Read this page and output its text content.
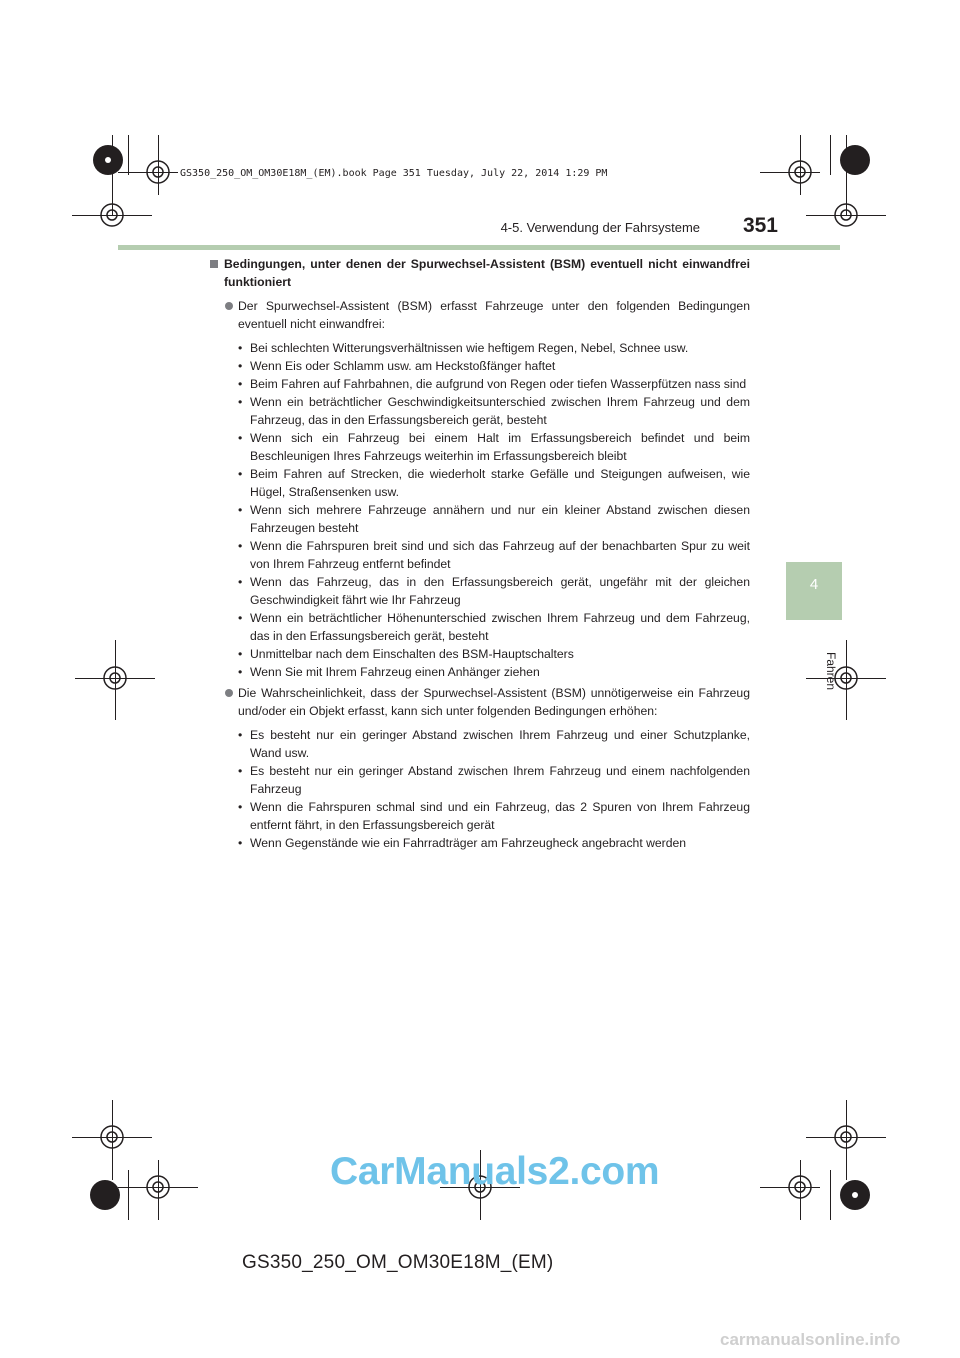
GS350_250_OM_OM30E18M_(EM).book Page 351 Tuesday, July 22, 2014 1:29 PM
4-5. Verwendung der Fahrsysteme	351
4
Fahren
Bedingungen, unter denen der Spurwechsel-Assistent (BSM) eventuell nicht einwandfrei funktioniert
Der Spurwechsel-Assistent (BSM) erfasst Fahrzeuge unter den folgenden Bedingungen eventuell nicht einwandfrei:
• Bei schlechten Witterungsverhältnissen wie heftigem Regen, Nebel, Schnee usw.
• Wenn Eis oder Schlamm usw. am Heckstoßfänger haftet
• Beim Fahren auf Fahrbahnen, die aufgrund von Regen oder tiefen Wasserpfützen nass sind
• Wenn ein beträchtlicher Geschwindigkeitsunterschied zwischen Ihrem Fahrzeug und dem Fahrzeug, das in den Erfassungsbereich gerät, besteht
• Wenn sich ein Fahrzeug bei einem Halt im Erfassungsbereich befindet und beim Beschleunigen Ihres Fahrzeugs weiterhin im Erfassungsbereich bleibt
• Beim Fahren auf Strecken, die wiederholt starke Gefälle und Steigungen aufweisen, wie Hügel, Straßensenken usw.
• Wenn sich mehrere Fahrzeuge annähern und nur ein kleiner Abstand zwischen diesen Fahrzeugen besteht
• Wenn die Fahrspuren breit sind und sich das Fahrzeug auf der benachbarten Spur zu weit von Ihrem Fahrzeug entfernt befindet
• Wenn das Fahrzeug, das in den Erfassungsbereich gerät, ungefähr mit der gleichen Geschwindigkeit fährt wie Ihr Fahrzeug
• Wenn ein beträchtlicher Höhenunterschied zwischen Ihrem Fahrzeug und dem Fahrzeug, das in den Erfassungsbereich gerät, besteht
• Unmittelbar nach dem Einschalten des BSM-Hauptschalters
• Wenn Sie mit Ihrem Fahrzeug einen Anhänger ziehen
Die Wahrscheinlichkeit, dass der Spurwechsel-Assistent (BSM) unnötigerweise ein Fahrzeug und/oder ein Objekt erfasst, kann sich unter folgenden Bedingungen erhöhen:
• Es besteht nur ein geringer Abstand zwischen Ihrem Fahrzeug und einer Schutzplanke, Wand usw.
• Es besteht nur ein geringer Abstand zwischen Ihrem Fahrzeug und einem nachfolgenden Fahrzeug
• Wenn die Fahrspuren schmal sind und ein Fahrzeug, das 2 Spuren von Ihrem Fahrzeug entfernt fährt, in den Erfassungsbereich gerät
• Wenn Gegenstände wie ein Fahrradträger am Fahrzeugheck angebracht werden
CarManuals2.com
GS350_250_OM_OM30E18M_(EM)
carmanualsonline.info
